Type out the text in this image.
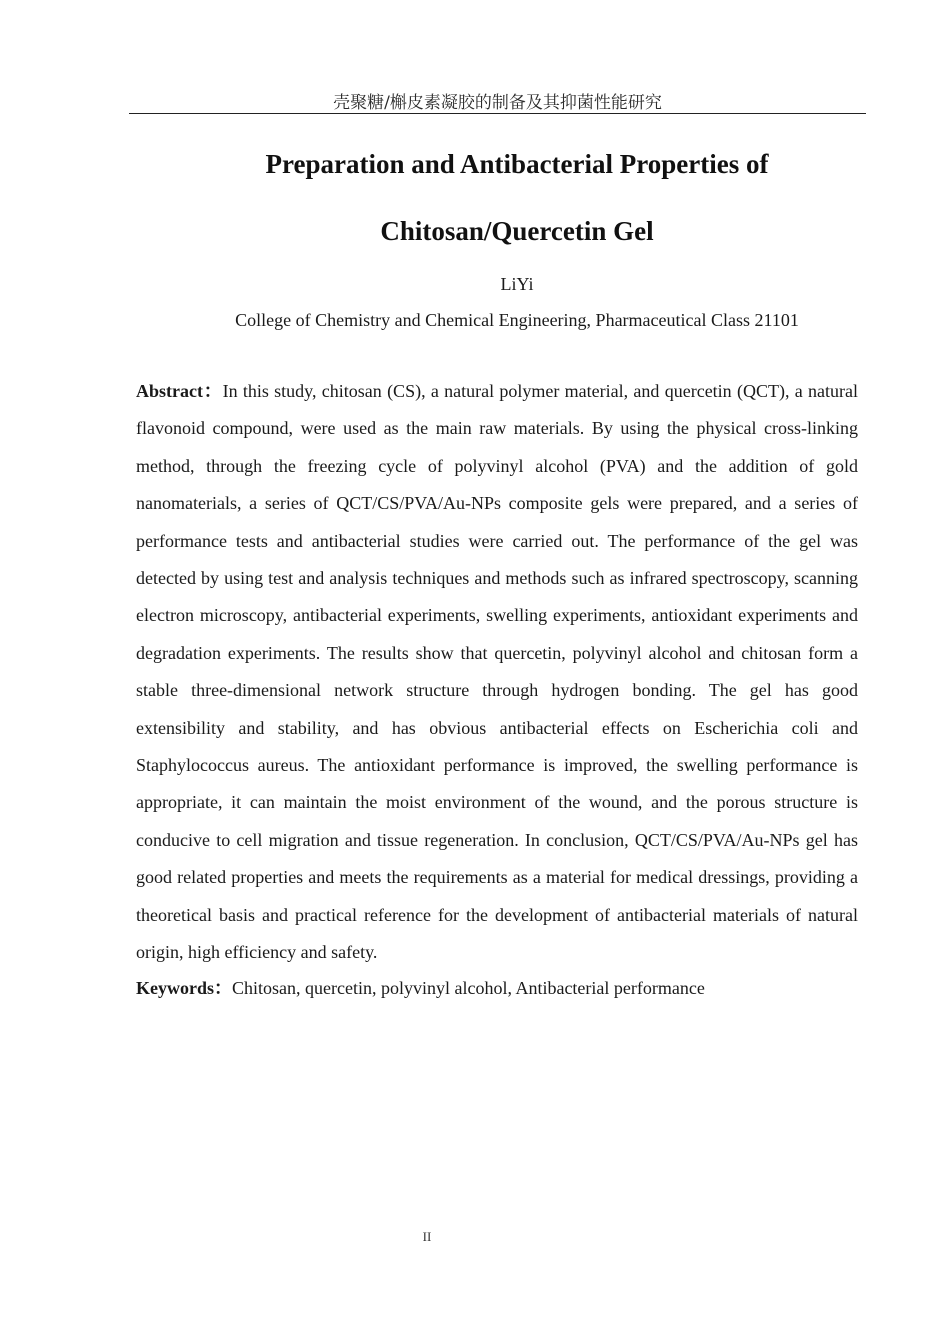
壳聚糖/槲皮素凝胶的制备及其抑菌性能研究
Preparation and Antibacterial Properties of
Chitosan/Quercetin Gel
LiYi
College of Chemistry and Chemical Engineering, Pharmaceutical Class 21101

Abstract：In this study, chitosan (CS), a natural polymer material, and quercetin (QCT), a natural flavonoid compound, were used as the main raw materials. By using the physical cross-linking method, through the freezing cycle of polyvinyl alcohol (PVA) and the addition of gold nanomaterials, a series of QCT/CS/PVA/Au-NPs composite gels were prepared, and a series of performance tests and antibacterial studies were carried out. The performance of the gel was detected by using test and analysis techniques and methods such as infrared spectroscopy, scanning electron microscopy, antibacterial experiments, swelling experiments, antioxidant experiments and degradation experiments. The results show that quercetin, polyvinyl alcohol and chitosan form a stable three-dimensional network structure through hydrogen bonding. The gel has good extensibility and stability, and has obvious antibacterial effects on Escherichia coli and Staphylococcus aureus. The antioxidant performance is improved, the swelling performance is appropriate, it can maintain the moist environment of the wound, and the porous structure is conducive to cell migration and tissue regeneration. In conclusion, QCT/CS/PVA/Au-NPs gel has good related properties and meets the requirements as a material for medical dressings, providing a theoretical basis and practical reference for the development of antibacterial materials of natural origin, high efficiency and safety.

Keywords：Chitosan, quercetin, polyvinyl alcohol, Antibacterial performance

II
